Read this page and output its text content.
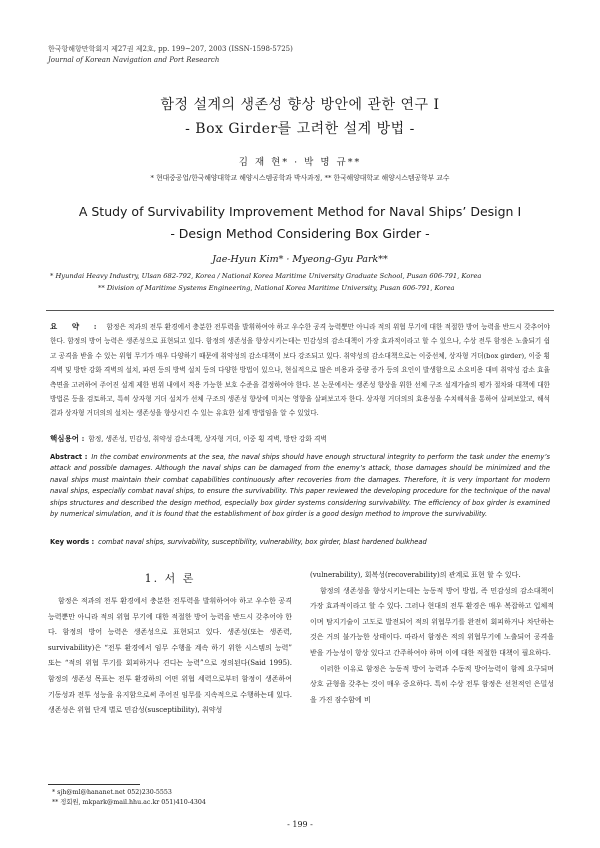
한국항해항만학회지 제27권 제2호, pp. 199~207, 2003 (ISSN-1598-5725)
Journal of Korean Navigation and Port Research
함정 설계의 생존성 향상 방안에 관한 연구 I
- Box Girder를 고려한 설계 방법 -
김 재 현* · 박 명 규**
* 현대중공업/한국해양대학교 해양시스템공학과 박사과정, ** 한국해양대학교 해양시스템공학부 교수
A Study of Survivability Improvement Method for Naval Ships’ Design I
- Design Method Considering Box Girder -
Jae-Hyun Kim* · Myeong-Gyu Park**
* Hyundai Heavy Industry, Ulsan 682-792, Korea / National Korea Maritime University Graduate School, Pusan 606-791, Korea
** Division of Maritime Systems Engineering, National Korea Maritime University, Pusan 606-791, Korea
요 약 : 함정은 적과의 전투 환경에서 충분한 전투력을 발휘하여야 하고 우수한 공격 능력뿐만 아니라 적의 위협 무기에 대한 적절한 방어 능력을 반드시 갖추어야 한다. 함정의 방어 능력은 생존성으로 표현되고 있다. 함정의 생존성을 향상시키는데는 민감성의 감소대책이 가장 효과적이라고 할 수 있으나, 수상 전투 함정은 노출되기 쉽고 공격을 받을 수 있는 위협 무기가 매우 다양하기 때문에 취약성의 감소대책이 보다 강조되고 있다. 취약성의 감소대책으로는 이중선체, 상자형 거더(box girder), 이중 횡 격벽 및 방탄 강화 격벽의 설치, 파편 등의 방벽 설치 등의 다양한 방법이 있으나, 현실적으로 많은 비용과 중량 증가 등의 요인이 발생함으로 소요비용 대비 취약성 감소 효율 측면을 고려하여 주어진 설계 제한 범위 내에서 적용 가능한 보호 수준을 결정하여야 한다. 본 논문에서는 생존성 향상을 위한 선체 구조 설계가술의 평가 절차와 대책에 대한 방법론 등을 검토하고, 특히 상자형 거더 설치가 선체 구조의 생존성 향상에 미치는 영향을 살펴보고자 한다. 상자형 거더의의 효용성을 수치해석을 통하여 살펴보았고, 해석 결과 상자형 거더의의 설치는 생존성을 향상시킨 수 있는 유효한 설계 방법임을 알 수 있었다.
핵심용어 : 함정, 생존성, 민감성, 취약성 감소대책, 상자형 거더, 이중 횡 격벽, 방탄 강화 격벽
Abstract : In the combat environments at the sea, the naval ships should have enough structural integrity to perform the task under the enemy’s attack and possible damages. Although the naval ships can be damaged from the enemy’s attack, those damages should be minimized and the naval ships must maintain their combat capabilities continuously after recoveries from the damages. Therefore, it is very important for modern naval ships, especially combat naval ships, to ensure the survivability. This paper reviewed the developing procedure for the technique of the naval ships structures and described the design method, especially box girder systems considering survivability. The efficiency of box girder is examined by numerical simulation, and it is found that the establishment of box girder is a good design method to improve the survivability.
Key words : combat naval ships, survivability, susceptibility, vulnerability, box girder, blast hardened bulkhead
1. 서 론

함정은 적과의 전투 환경에서 충분한 전투력을 발휘하여야 하고 우수한 공격 능력뿐만 아니라 적의 위협 무기에 대한 적절한 방어 능력을 반드시 갖추어야 한다. 함정의 방어 능력은 생존성으로 표현되고 있다. 생존성(또는 생존력, survivability)은 “전투 환경에서 임무 수행을 계속 하기 위한 시스템의 능력” 또는 “적의 위협 무기를 회피하거나 견디는 능력”으로 정의된다(Said 1995). 함정의 생존성 목표는 전투 환경하의 어떤 위협 세력으로부터 함정이 생존하여 기동성과 전투 성능을 유지함으로써 주어진 임무를 지속적으로 수행하는데 있다. 생존성은 위협 단계 별로 민감성(susceptibility), 취약성

(vulnerability), 회복성(recoverability)의 관계로 표현 할 수 있다.

함정의 생존성을 향상시키는데는 능동적 방어 방법, 즉 민감성의 감소대책이 가장 효과적이라고 할 수 있다. 그러나 현대의 전투 환경은 매우 복잡하고 입체적이며 탐지기술이 고도로 발전되어 적의 위협무기를 완전히 회피하거나 차단하는 것은 거의 불가능한 상태이다. 따라서 함정은 적의 위협무기에 노출되어 공격을 받을 가능성이 항상 있다고 간주하여야 하며 이에 대한 적절한 대책이 필요하다.

이러한 이유로 함정은 능동적 방어 능력과 수동적 방어능력이 함께 요구되며 상호 균형을 갖추는 것이 매우 중요하다. 특히 수상 전투 함정은 선천적인 은밀성을 가진 잠수함에 비

* sjh@ml@hananet.net 052)230-5553
** 정회원, mkpark@mail.hhu.ac.kr 051)410-4304
- 199 -
